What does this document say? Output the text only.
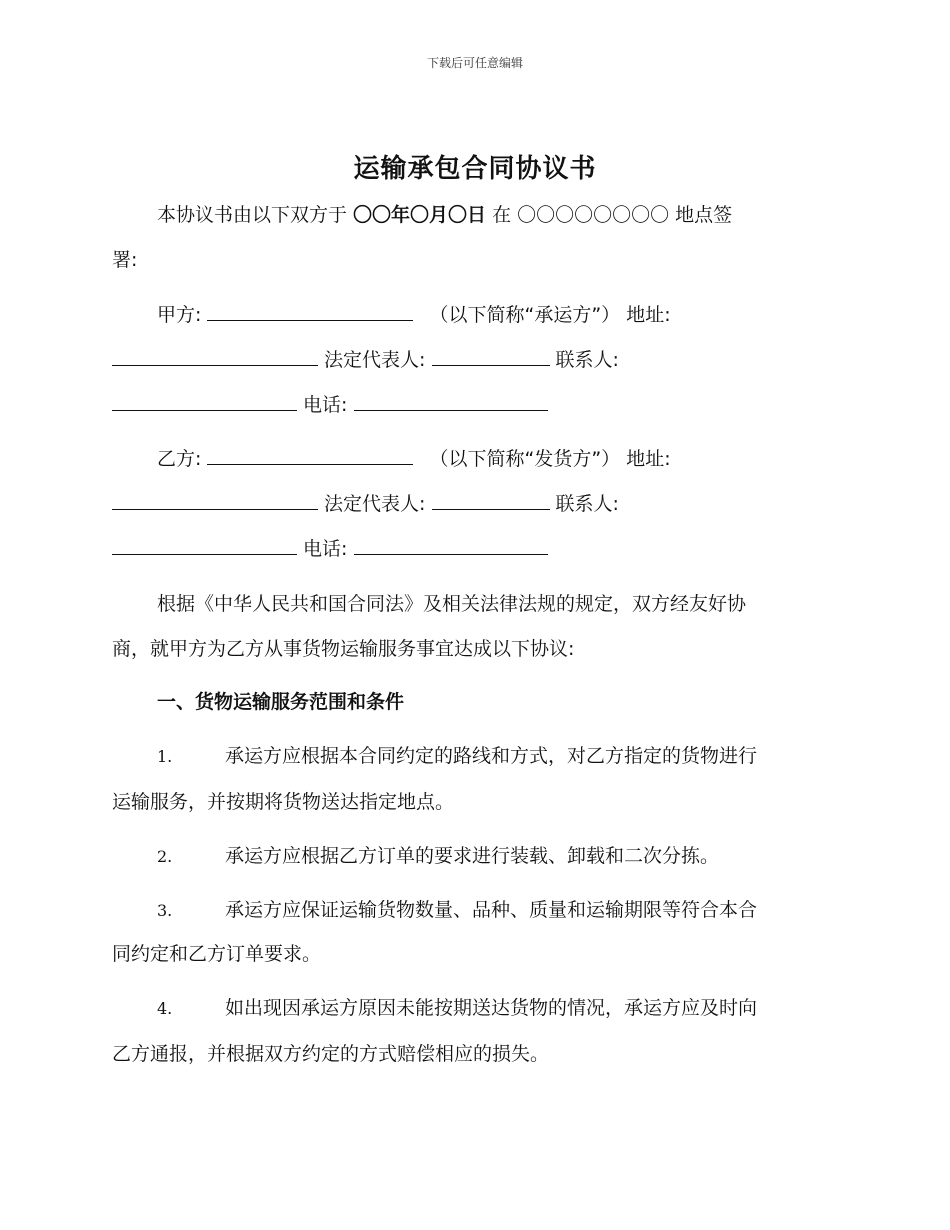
下载后可任意编辑
运输承包合同协议书
本协议书由以下双方于 〇〇年〇月〇日 在 〇〇〇〇〇〇〇〇 地点签
署:
甲方:	（以下简称“承运方”） 地址:
法定代表人:	联系人:
电话:
乙方:	（以下简称“发货方”） 地址:
法定代表人:	联系人:
电话:
根据《中华人民共和国合同法》及相关法律法规的规定，双方经友好协
商，就甲方为乙方从事货物运输服务事宜达成以下协议:
一、货物运输服务范围和条件
1.	承运方应根据本合同约定的路线和方式，对乙方指定的货物进行
运输服务，并按期将货物送达指定地点。
2.	承运方应根据乙方订单的要求进行装载、卸载和二次分拣。
3.	承运方应保证运输货物数量、品种、质量和运输期限等符合本合
同约定和乙方订单要求。
4.	如出现因承运方原因未能按期送达货物的情况，承运方应及时向
乙方通报，并根据双方约定的方式赔偿相应的损失。
